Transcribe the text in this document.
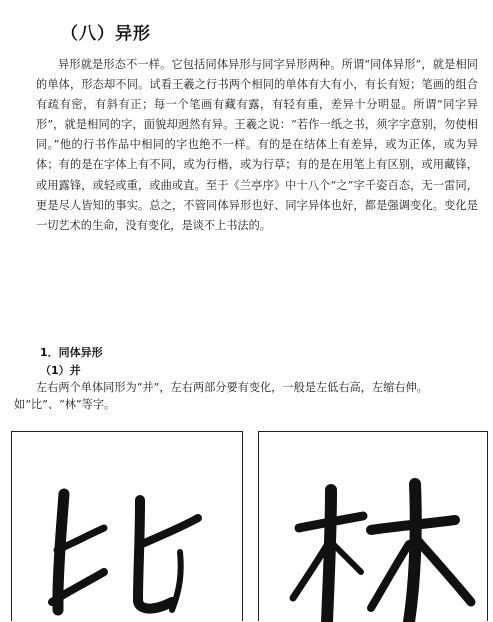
（八）异形

异形就是形态不一样。它包括同体异形与同字异形两种。所谓“同体异形”，就是相同的单体，形态却不同。试看王羲之行书两个相同的单体有大有小，有长有短；笔画的组合有疏有密，有斜有正；每一个笔画有藏有露，有轻有重，差异十分明显。所谓“同字异形”，就是相同的字，面貌却迥然有异。王羲之说：“若作一纸之书，须字字意别，勿使相同。”他的行书作品中相同的字也绝不一样。有的是在结体上有差异，或为正体，或为异体；有的是在字体上有不同，或为行楷，或为行草；有的是在用笔上有区别，或用藏锋，或用露锋，或轻或重，或曲或直。至于《兰亭序》中十八个“之”字千姿百态，无一雷同，更是尽人皆知的事实。总之，不管同体异形也好、同字异体也好，都是强调变化。变化是一切艺术的生命，没有变化，是谈不上书法的。

1．同体异形
（1）并
左右两个单体同形为“并”，左右两部分要有变化，一般是左低右高，左缩右伸。
如“比”、“林”等字。
